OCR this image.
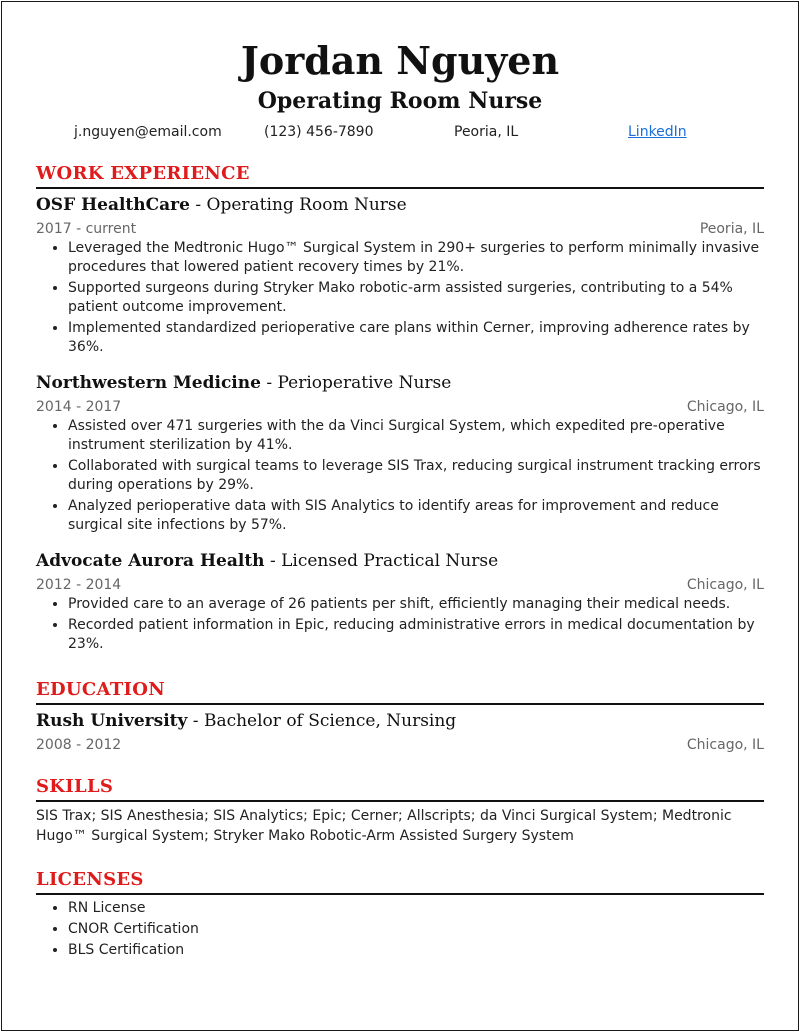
Jordan Nguyen
Operating Room Nurse
j.nguyen@email.com	(123) 456-7890	Peoria, IL	LinkedIn
WORK EXPERIENCE
OSF HealthCare - Operating Room Nurse
2017 - current	Peoria, IL
• Leveraged the Medtronic Hugo™ Surgical System in 290+ surgeries to perform minimally invasive procedures that lowered patient recovery times by 21%.
• Supported surgeons during Stryker Mako robotic-arm assisted surgeries, contributing to a 54% patient outcome improvement.
• Implemented standardized perioperative care plans within Cerner, improving adherence rates by 36%.
Northwestern Medicine - Perioperative Nurse
2014 - 2017	Chicago, IL
• Assisted over 471 surgeries with the da Vinci Surgical System, which expedited pre-operative instrument sterilization by 41%.
• Collaborated with surgical teams to leverage SIS Trax, reducing surgical instrument tracking errors during operations by 29%.
• Analyzed perioperative data with SIS Analytics to identify areas for improvement and reduce surgical site infections by 57%.
Advocate Aurora Health - Licensed Practical Nurse
2012 - 2014	Chicago, IL
• Provided care to an average of 26 patients per shift, efficiently managing their medical needs.
• Recorded patient information in Epic, reducing administrative errors in medical documentation by 23%.
EDUCATION
Rush University - Bachelor of Science, Nursing
2008 - 2012	Chicago, IL
SKILLS
SIS Trax; SIS Anesthesia; SIS Analytics; Epic; Cerner; Allscripts; da Vinci Surgical System; Medtronic Hugo™ Surgical System; Stryker Mako Robotic-Arm Assisted Surgery System
LICENSES
• RN License
• CNOR Certification
• BLS Certification
